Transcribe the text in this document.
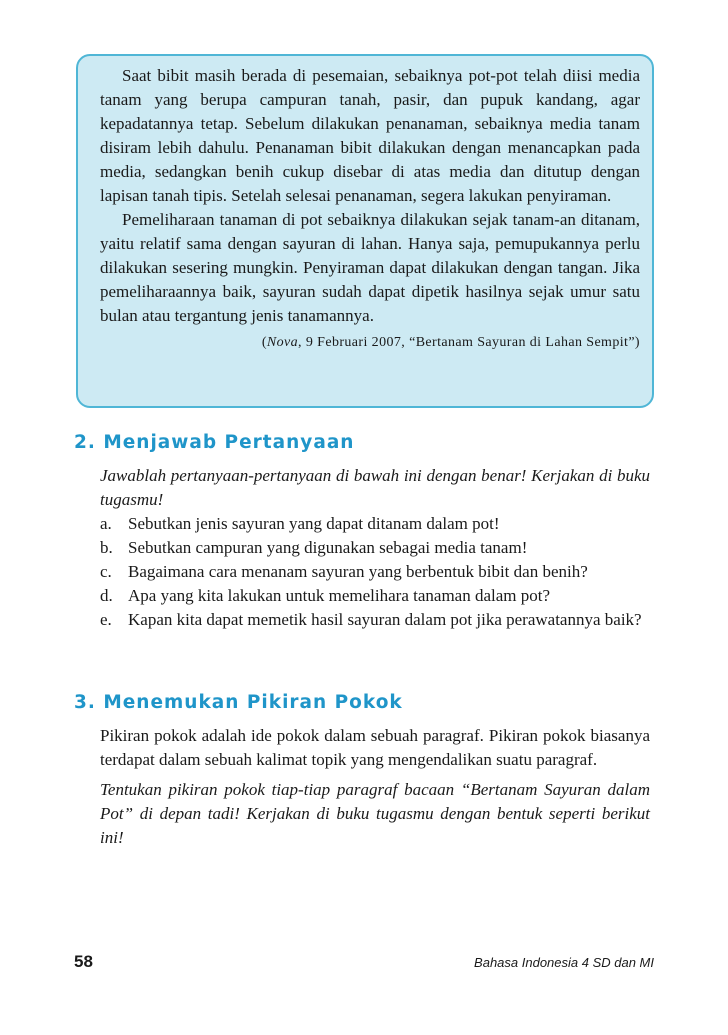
Saat bibit masih berada di pesemaian, sebaiknya pot-pot telah diisi media tanam yang berupa campuran tanah, pasir, dan pupuk kandang, agar kepadatannya tetap. Sebelum dilakukan penanaman, sebaiknya media tanam disiram lebih dahulu. Penanaman bibit dilakukan dengan menancapkan pada media, sedangkan benih cukup disebar di atas media dan ditutup dengan lapisan tanah tipis. Setelah selesai penanaman, segera lakukan penyiraman.

Pemeliharaan tanaman di pot sebaiknya dilakukan sejak tanam-an ditanam, yaitu relatif sama dengan sayuran di lahan. Hanya saja, pemupukannya perlu dilakukan sesering mungkin. Penyiraman dapat dilakukan dengan tangan. Jika pemeliharaannya baik, sayuran sudah dapat dipetik hasilnya sejak umur satu bulan atau tergantung jenis tanamannya.

(Nova, 9 Februari 2007, “Bertanam Sayuran di Lahan Sempit”)
2. Menjawab Pertanyaan

Jawablah pertanyaan-pertanyaan di bawah ini dengan benar! Kerjakan di buku tugasmu!

a. Sebutkan jenis sayuran yang dapat ditanam dalam pot!
b. Sebutkan campuran yang digunakan sebagai media tanam!
c. Bagaimana cara menanam sayuran yang berbentuk bibit dan benih?
d. Apa yang kita lakukan untuk memelihara tanaman dalam pot?
e. Kapan kita dapat memetik hasil sayuran dalam pot jika perawatannya baik?
3. Menemukan Pikiran Pokok

Pikiran pokok adalah ide pokok dalam sebuah paragraf. Pikiran pokok biasanya terdapat dalam sebuah kalimat topik yang mengendalikan suatu paragraf.

Tentukan pikiran pokok tiap-tiap paragraf bacaan “Bertanam Sayuran dalam Pot” di depan tadi! Kerjakan di buku tugasmu dengan bentuk seperti berikut ini!

58	Bahasa Indonesia 4 SD dan MI
